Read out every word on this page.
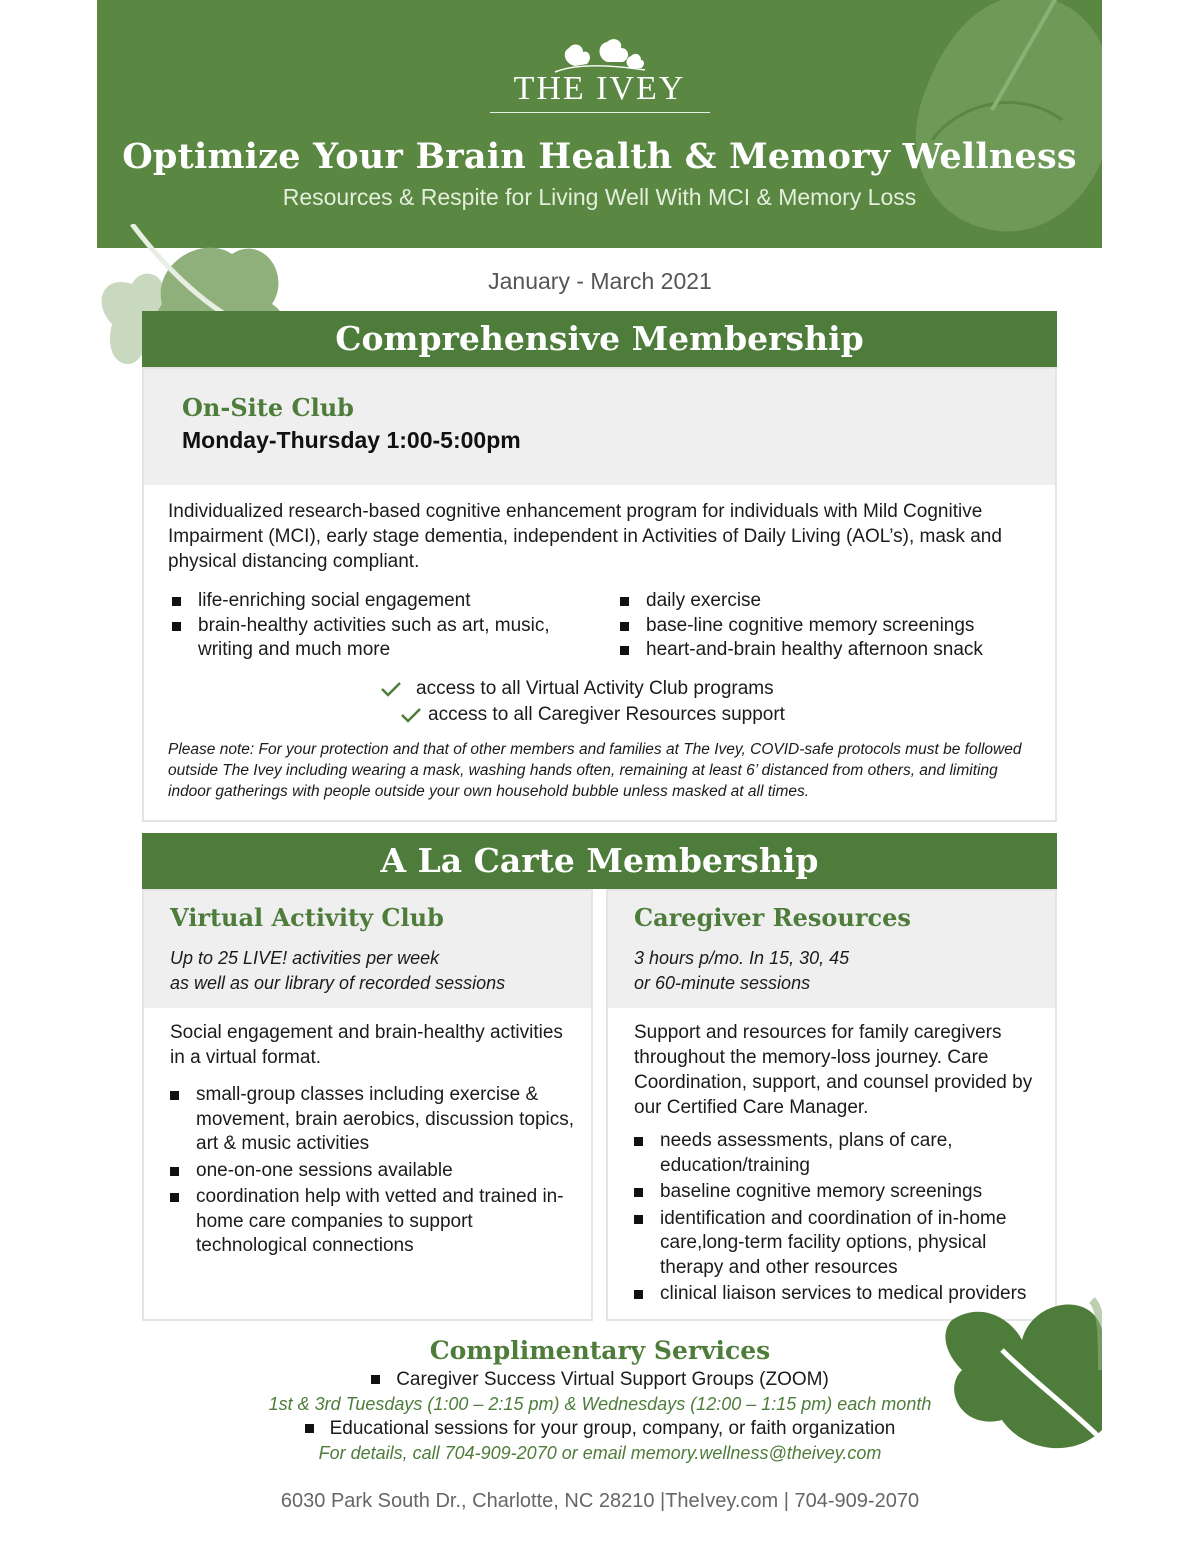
THE IVEY
Optimize Your Brain Health & Memory Wellness
Resources & Respite for Living Well With MCI & Memory Loss
January - March 2021
Comprehensive Membership
On-Site Club
Monday-Thursday 1:00-5:00pm
Individualized research-based cognitive enhancement program for individuals with Mild Cognitive Impairment (MCI), early stage dementia, independent in Activities of Daily Living (AOL’s), mask and physical distancing compliant.
life-enriching social engagement
brain-healthy activities such as art, music, writing and much more
daily exercise
base-line cognitive memory screenings
heart-and-brain healthy afternoon snack
access to all Virtual Activity Club programs
access to all Caregiver Resources support
Please note: For your protection and that of other members and families at The Ivey, COVID-safe protocols must be followed outside The Ivey including wearing a mask, washing hands often, remaining at least 6’ distanced from others, and limiting indoor gatherings with people outside your own household bubble unless masked at all times.
A La Carte Membership
Virtual Activity Club
Up to 25 LIVE! activities per week
as well as our library of recorded sessions
Social engagement and brain-healthy activities in a virtual format.
small-group classes including exercise & movement, brain aerobics, discussion topics, art & music activities
one-on-one sessions available
coordination help with vetted and trained in-home care companies to support technological connections
Caregiver Resources
3 hours p/mo. In 15, 30, 45
or 60-minute sessions
Support and resources for family caregivers throughout the memory-loss journey. Care Coordination, support, and counsel provided by our Certified Care Manager.
needs assessments, plans of care, education/training
baseline cognitive memory screenings
identification and coordination of in-home care,long-term facility options, physical therapy and other resources
clinical liaison services to medical providers
Complimentary Services
Caregiver Success Virtual Support Groups (ZOOM)
1st & 3rd Tuesdays (1:00 – 2:15 pm) & Wednesdays (12:00 – 1:15 pm) each month
Educational sessions for your group, company, or faith organization
For details, call 704-909-2070 or email memory.wellness@theivey.com
6030 Park South Dr., Charlotte, NC 28210 |TheIvey.com | 704-909-2070
